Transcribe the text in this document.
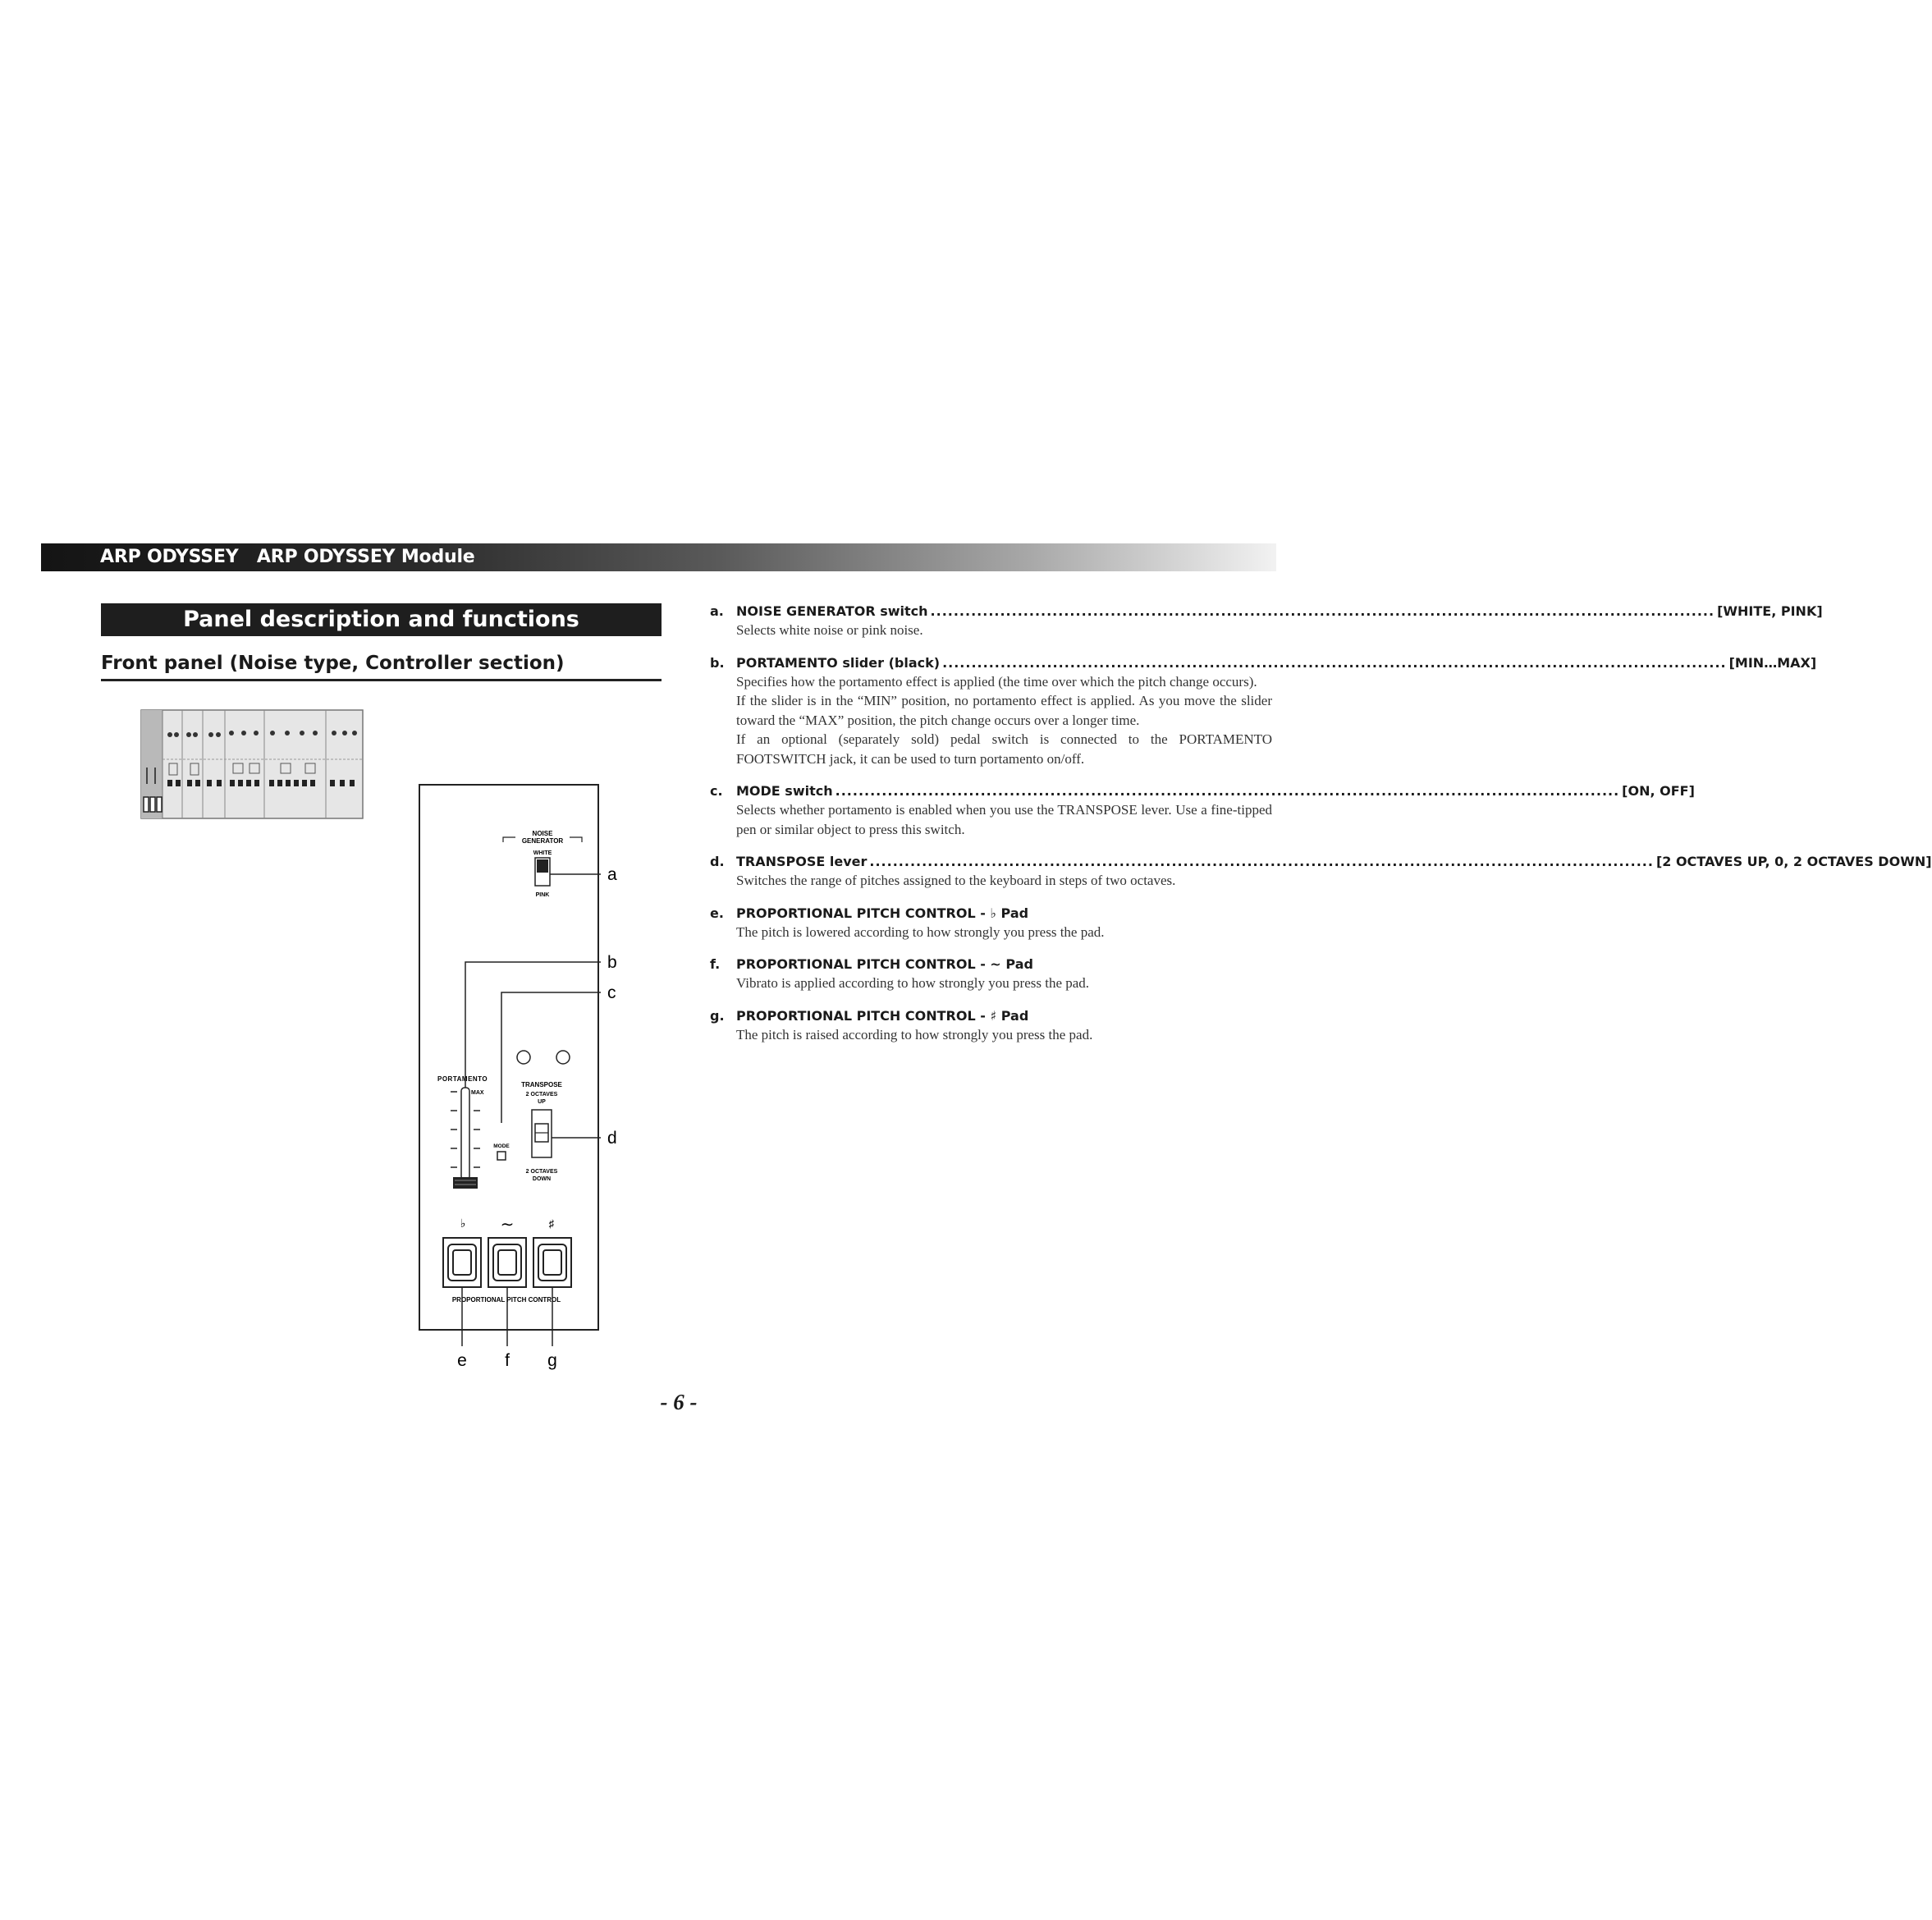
ARP ODYSSEY   ARP ODYSSEY Module
Panel description and functions
Front panel (Noise type, Controller section)
NOISE
GENERATOR
WHITE
PINK
a
b
c
PORTAMENTO
MAX
TRANSPOSE
2 OCTAVES
UP
2 OCTAVES
DOWN
MODE	d
♭ ∼	♯
PROPORTIONAL PITCH CONTROL
e f g
a. NOISE GENERATOR switch ....................................................................................................................................... [WHITE, PINK]

Selects white noise or pink noise.

b. PORTAMENTO slider (black) ....................................................................................................................................... [MIN…MAX]

Specifies how the portamento effect is applied (the time over which the pitch change occurs).

If the slider is in the “MIN” position, no portamento effect is applied. As you move the slider toward the “MAX” position, the pitch change occurs over a longer time.

If an optional (separately sold) pedal switch is connected to the PORTAMENTO FOOTSWITCH jack, it can be used to turn portamento on/off.

c.	MODE switch ....................................................................................................................................... [ON, OFF]

Selects whether portamento is enabled when you use the TRANSPOSE lever. Use a fine-tipped pen or similar object to press this switch.

d. TRANSPOSE lever ....................................................................................................................................... [2 OCTAVES UP, 0, 2 OCTAVES DOWN]

Switches the range of pitches assigned to the keyboard in steps of two octaves.

e. PROPORTIONAL PITCH CONTROL - ♭ Pad

The pitch is lowered according to how strongly you press the pad.

f.	PROPORTIONAL PITCH CONTROL - ∼ Pad

Vibrato is applied according to how strongly you press the pad.

g. PROPORTIONAL PITCH CONTROL - ♯ Pad

The pitch is raised according to how strongly you press the pad.

- 6 -
